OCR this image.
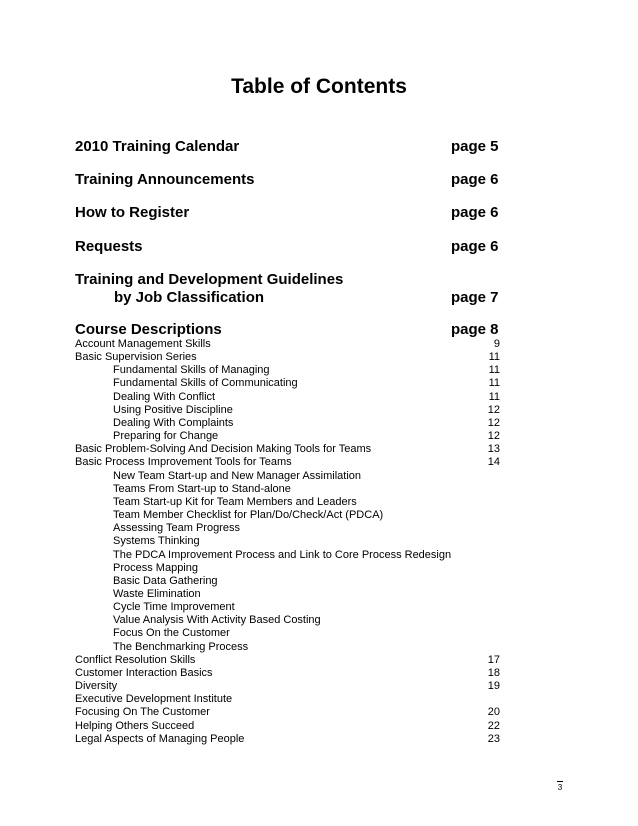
Table of Contents
2010 Training Calendar	page 5
Training Announcements	page 6
How to Register	page 6
Requests	page 6
Training and Development Guidelines
by Job Classification	page 7
Course Descriptions	page 8
Account Management Skills	9
Basic Supervision Series	11
Fundamental Skills of Managing	11
Fundamental Skills of Communicating	11
Dealing With Conflict	11
Using Positive Discipline	12
Dealing With Complaints	12
Preparing for Change	12
Basic Problem-Solving And Decision Making Tools for Teams	13
Basic Process Improvement Tools for Teams	14
New Team Start-up and New Manager Assimilation
Teams From Start-up to Stand-alone
Team Start-up Kit for Team Members and Leaders
Team Member Checklist for Plan/Do/Check/Act (PDCA)
Assessing Team Progress
Systems Thinking
The PDCA Improvement Process and Link to Core Process Redesign
Process Mapping
Basic Data Gathering
Waste Elimination
Cycle Time Improvement
Value Analysis With Activity Based Costing
Focus On the Customer
The Benchmarking Process
Conflict Resolution Skills	17
Customer Interaction Basics	18
Diversity	19
Executive Development Institute
Focusing On The Customer	20
Helping Others Succeed	22
Legal Aspects of Managing People	23
3
